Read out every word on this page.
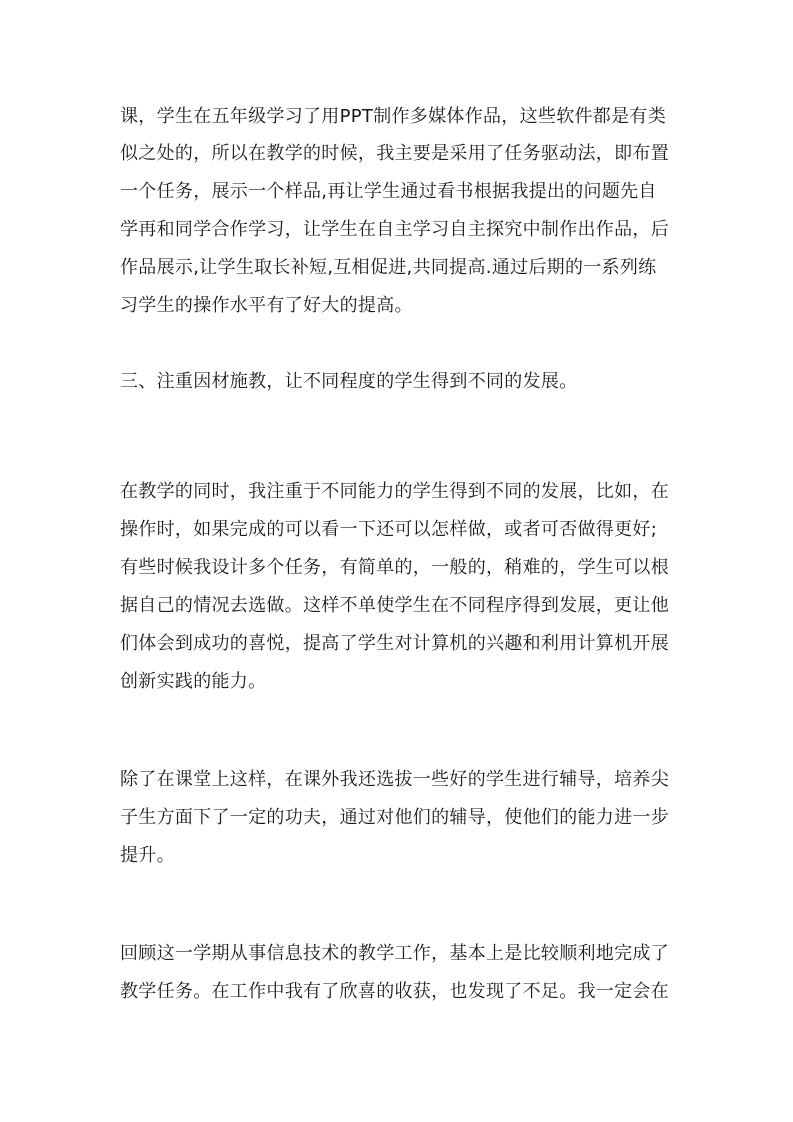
课，学生在五年级学习了用PPT制作多媒体作品，这些软件都是有类
似之处的，所以在教学的时候，我主要是采用了任务驱动法，即布置
一个任务，展示一个样品,再让学生通过看书根据我提出的问题先自
学再和同学合作学习，让学生在自主学习自主探究中制作出作品，后
作品展示,让学生取长补短,互相促进,共同提高.通过后期的一系列练
习学生的操作水平有了好大的提高。
三、注重因材施教，让不同程度的学生得到不同的发展。
在教学的同时，我注重于不同能力的学生得到不同的发展，比如，在
操作时，如果完成的可以看一下还可以怎样做，或者可否做得更好;
有些时候我设计多个任务，有简单的，一般的，稍难的，学生可以根
据自己的情况去选做。这样不单使学生在不同程序得到发展，更让他
们体会到成功的喜悦，提高了学生对计算机的兴趣和利用计算机开展
创新实践的能力。
除了在课堂上这样，在课外我还选拔一些好的学生进行辅导，培养尖
子生方面下了一定的功夫，通过对他们的辅导，使他们的能力进一步
提升。
回顾这一学期从事信息技术的教学工作，基本上是比较顺利地完成了
教学任务。在工作中我有了欣喜的收获，也发现了不足。我一定会在
